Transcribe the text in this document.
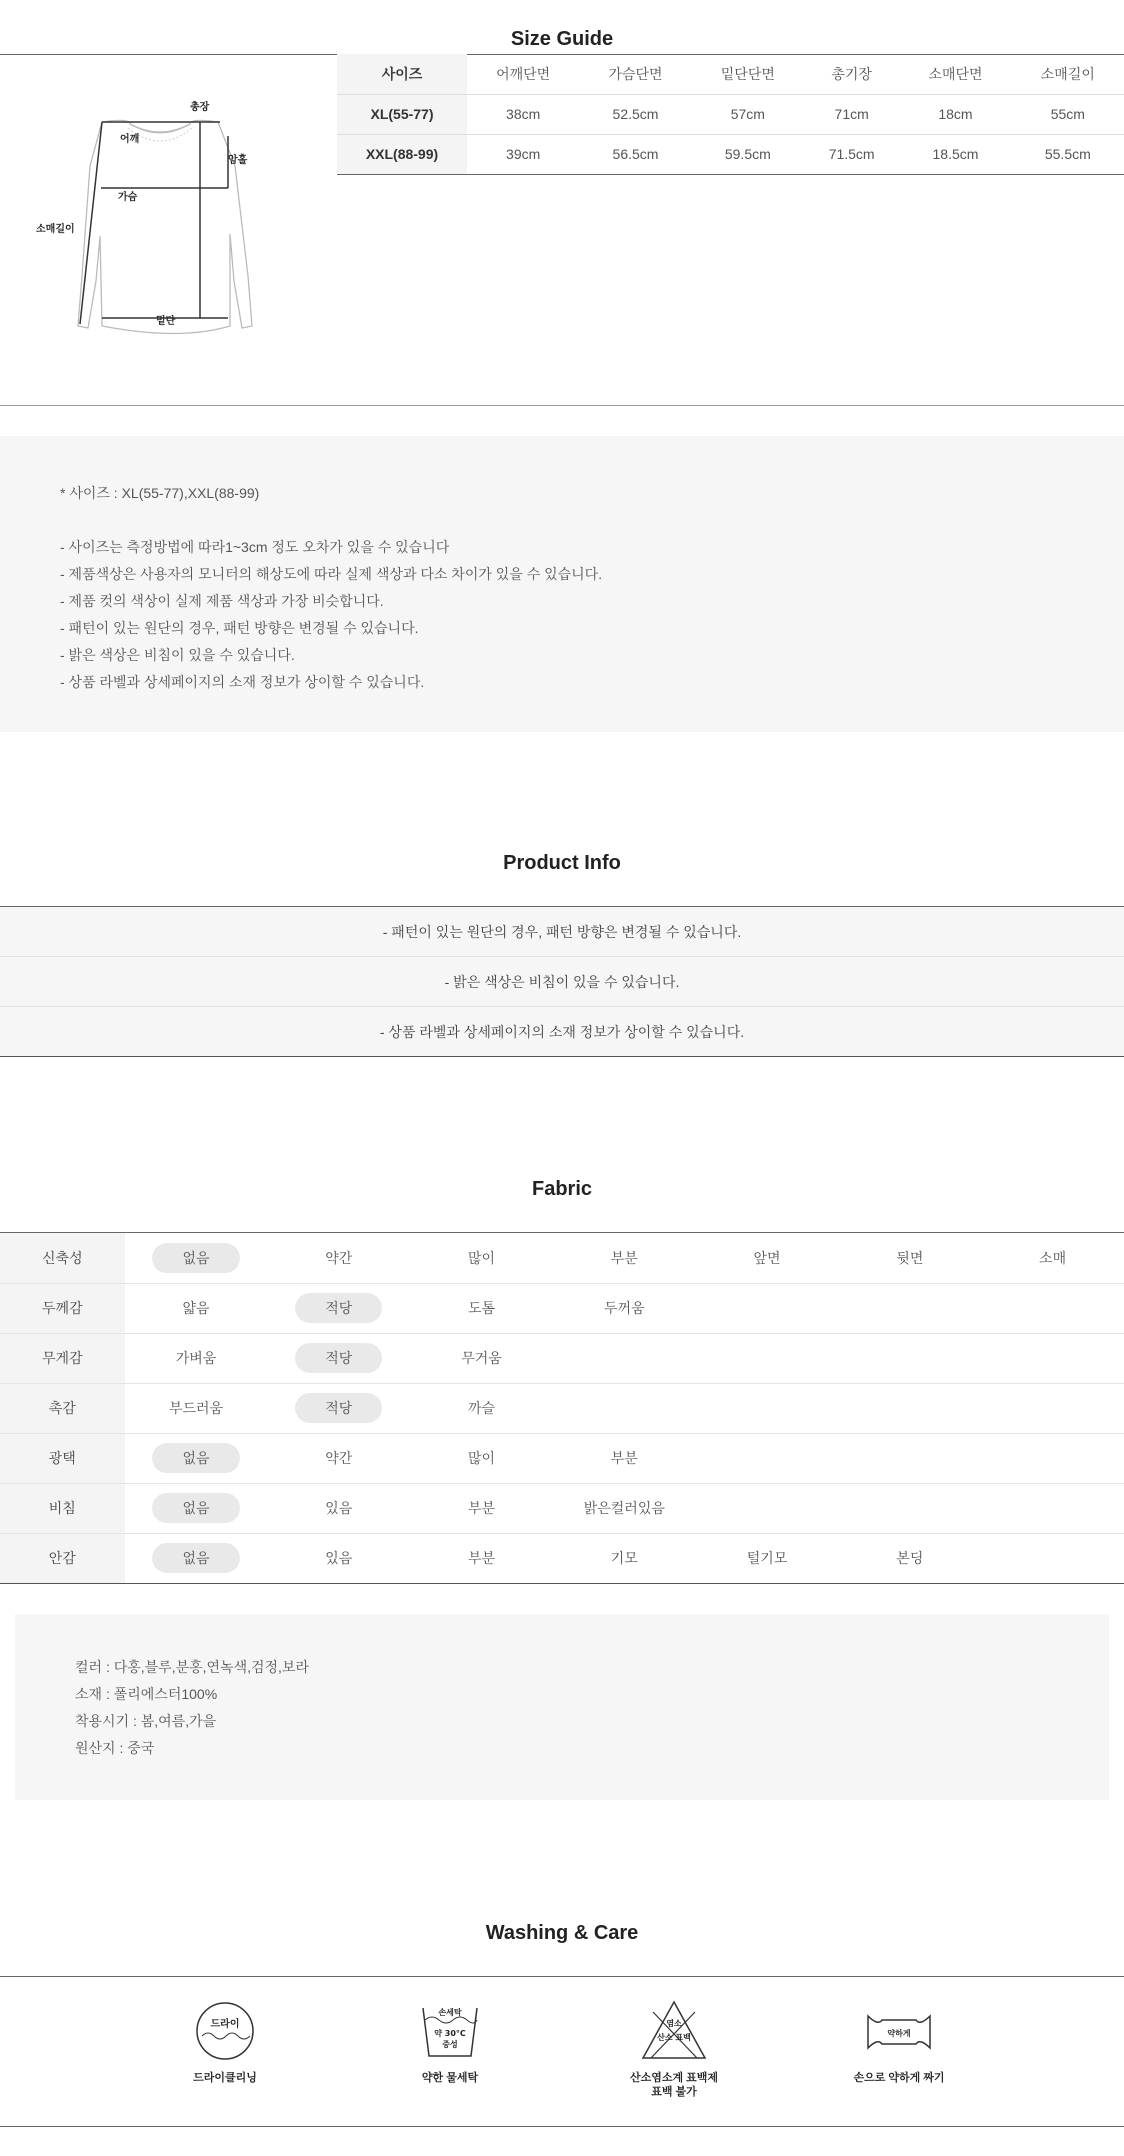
Size Guide
총장
어깨
암홀
가슴
소매길이
밑단
사이즈	어깨단면	가슴단면	밑단단면	총기장	소매단면	소매길이
XL(55-77)	38cm	52.5cm	57cm	71cm	18cm	55cm
XXL(88-99)	39cm	56.5cm	59.5cm	71.5cm	18.5cm	55.5cm
* 사이즈 : XL(55-77),XXL(88-99)
- 사이즈는 측정방법에 따라1~3cm 정도 오차가 있을 수 있습니다
- 제품색상은 사용자의 모니터의 해상도에 따라 실제 색상과 다소 차이가 있을 수 있습니다.
- 제품 컷의 색상이 실제 제품 색상과 가장 비슷합니다.
- 패턴이 있는 원단의 경우, 패턴 방향은 변경될 수 있습니다.
- 밝은 색상은 비침이 있을 수 있습니다.
- 상품 라벨과 상세페이지의 소재 정보가 상이할 수 있습니다.
Product Info
- 패턴이 있는 원단의 경우, 패턴 방향은 변경될 수 있습니다.
- 밝은 색상은 비침이 있을 수 있습니다.
- 상품 라벨과 상세페이지의 소재 정보가 상이할 수 있습니다.
Fabric
신축성	없음	약간	많이	부분	앞면	뒷면	소매
두께감	얇음	적당	도톰	두꺼움			
무게감	가벼움	적당	무거움				
촉감	부드러움	적당	까슬				
광택	없음	약간	많이	부분			
비침	없음	있음	부분	밝은컬러있음			
안감	없음	있음	부분	기모	털기모	본딩	
컬러 : 다홍,블루,분홍,연녹색,검정,보라
소재 : 폴리에스터100%
착용시기 : 봄,여름,가을
원산지 : 중국
Washing & Care
드라이
드라이클리닝
손세탁
약 30°C
중성
약한 물세탁
염소
산소 표백
산소염소계 표백제
표백 불가
약하게
손으로 약하게 짜기
